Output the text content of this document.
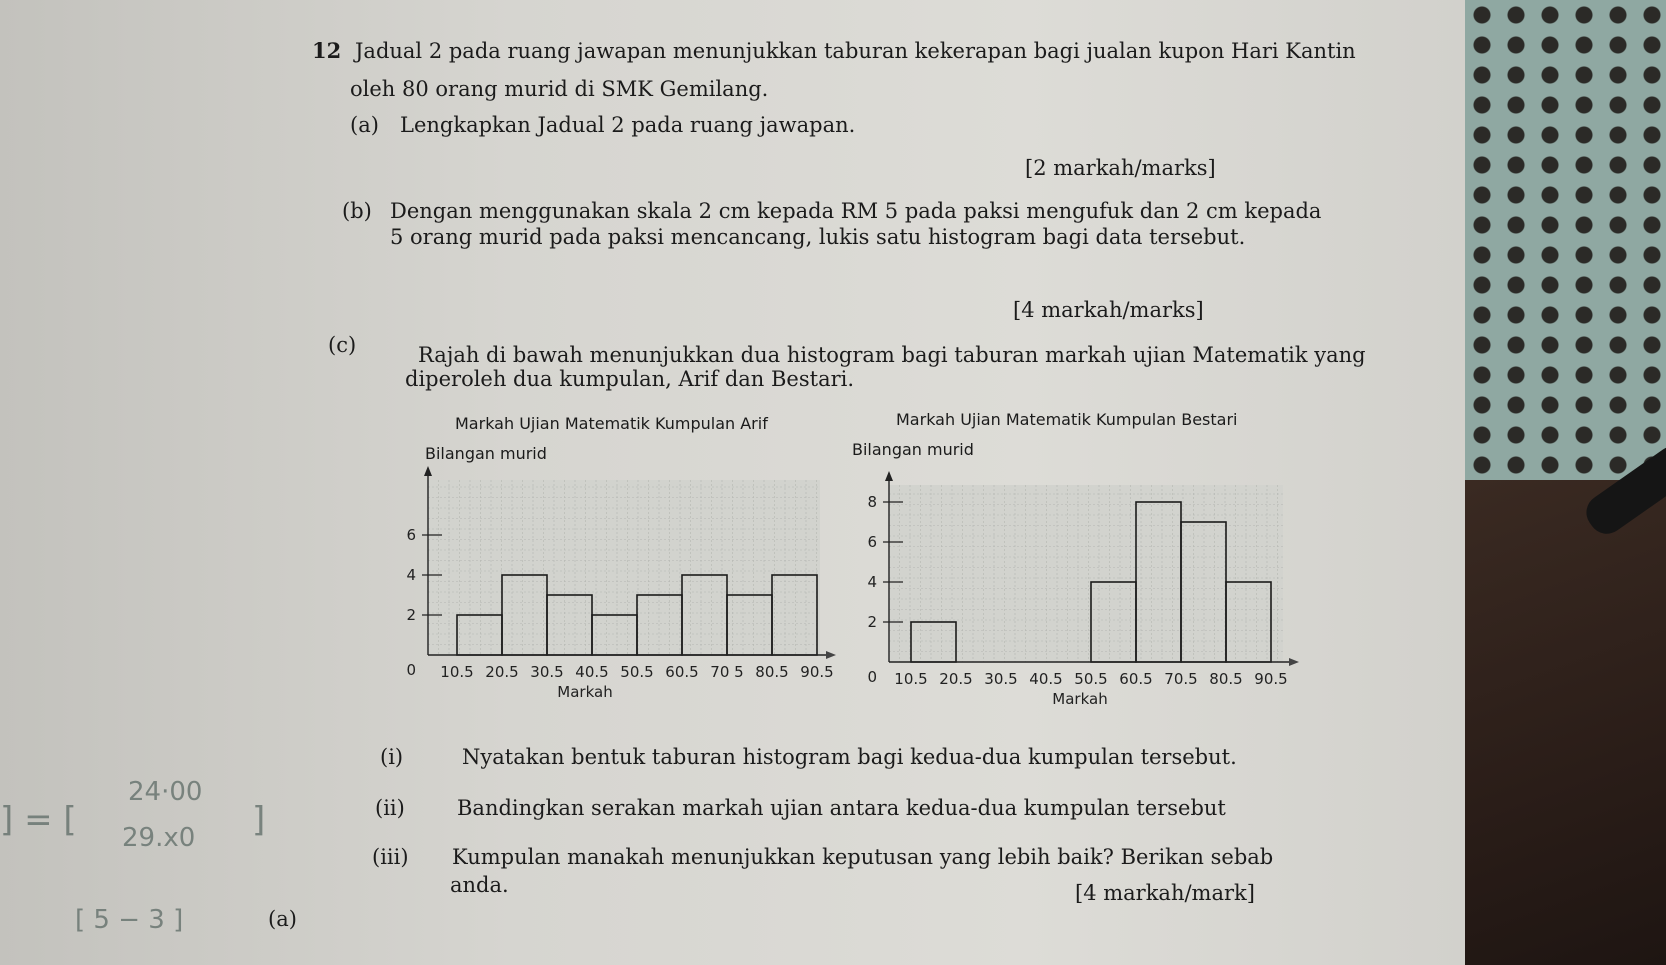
12 Jadual 2 pada ruang jawapan menunjukkan taburan kekerapan bagi jualan kupon Hari Kantin
oleh 80 orang murid di SMK Gemilang.
(a) Lengkapkan Jadual 2 pada ruang jawapan.
[2 markah/marks]
(b) Dengan menggunakan skala 2 cm kepada RM 5 pada paksi mengufuk dan 2 cm kepada
5 orang murid pada paksi mencancang, lukis satu histogram bagi data tersebut.
[4 markah/marks]
(c)	Rajah di bawah menunjukkan dua histogram bagi taburan markah ujian Matematik yang
diperoleh dua kumpulan, Arif dan Bestari.
Markah Ujian Matematik Kumpulan Arif
Bilangan murid
Markah Ujian Matematik Kumpulan Bestari
Bilangan murid
2
4
6
0 10.5 20.5 30.5 40.5 50.5 60.5 70 5 80.5 90.5
Markah
2
4
6
8
0 10.5 20.5 30.5 40.5 50.5 60.5 70.5 80.5 90.5
Markah
(i)	Nyatakan bentuk taburan histogram bagi kedua-dua kumpulan tersebut.
(ii) Bandingkan serakan markah ujian antara kedua-dua kumpulan tersebut
(iii) Kumpulan manakah menunjukkan keputusan yang lebih baik? Berikan sebab
anda.	[4 markah/mark]
(a)
] = [
24·00
29.x0 ]
[ 5 − 3 ]
